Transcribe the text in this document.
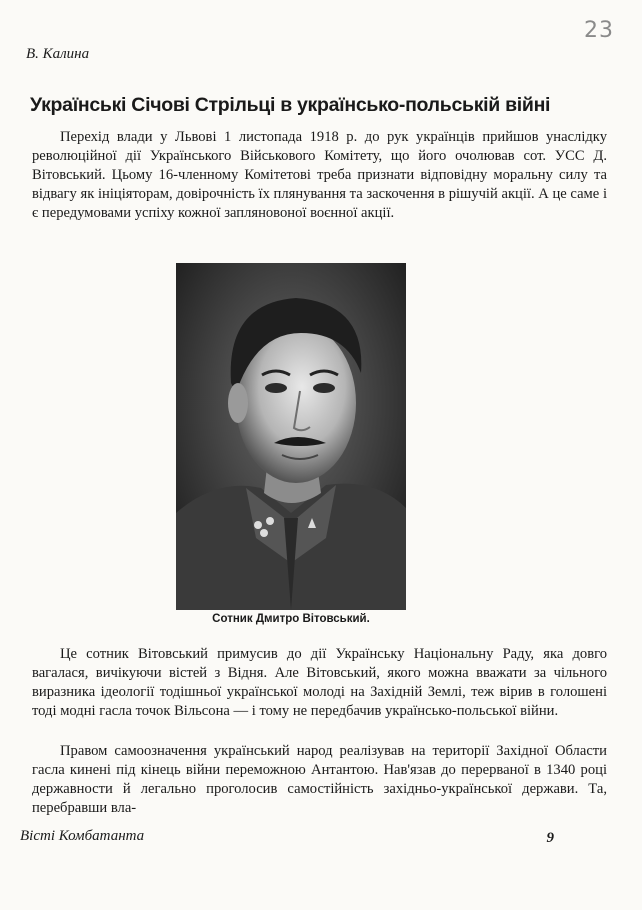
23
В. Калина
Українські Січові Стрільці в українсько-польській війні

Перехід влади у Львові 1 листопада 1918 р. до рук українців прийшов унаслідку революційної дії Українського Військового Комітету, що його очолював сот. УСС Д. Вітовський. Цьому 16-членному Комітетові треба признати відповідну моральну силу та відвагу як ініціяторам, довірочність їх плянування та заскочення в рішучій акції. А це саме і є передумовами успіху кожної запляновоної воєнної акції.

Сотник Дмитро Вітовський.

Це сотник Вітовський примусив до дії Українську Національну Раду, яка довго вагалася, вичікуючи вістей з Відня. Але Вітовський, якого можна вважати за чільного виразника ідеології тодішньої української молоді на Західній Землі, теж вірив в голошені тоді модні гасла точок Вільсона — і тому не передбачив українсько-польської війни.

Правом самоозначення український народ реалізував на території Західної Области гасла кинені під кінець війни переможною Антантою. Нав'язав до перерваної в 1340 році державности й легально проголосив самостійність західньо-української держави. Та, перебравши вла-

Вісті Комбатанта	9
